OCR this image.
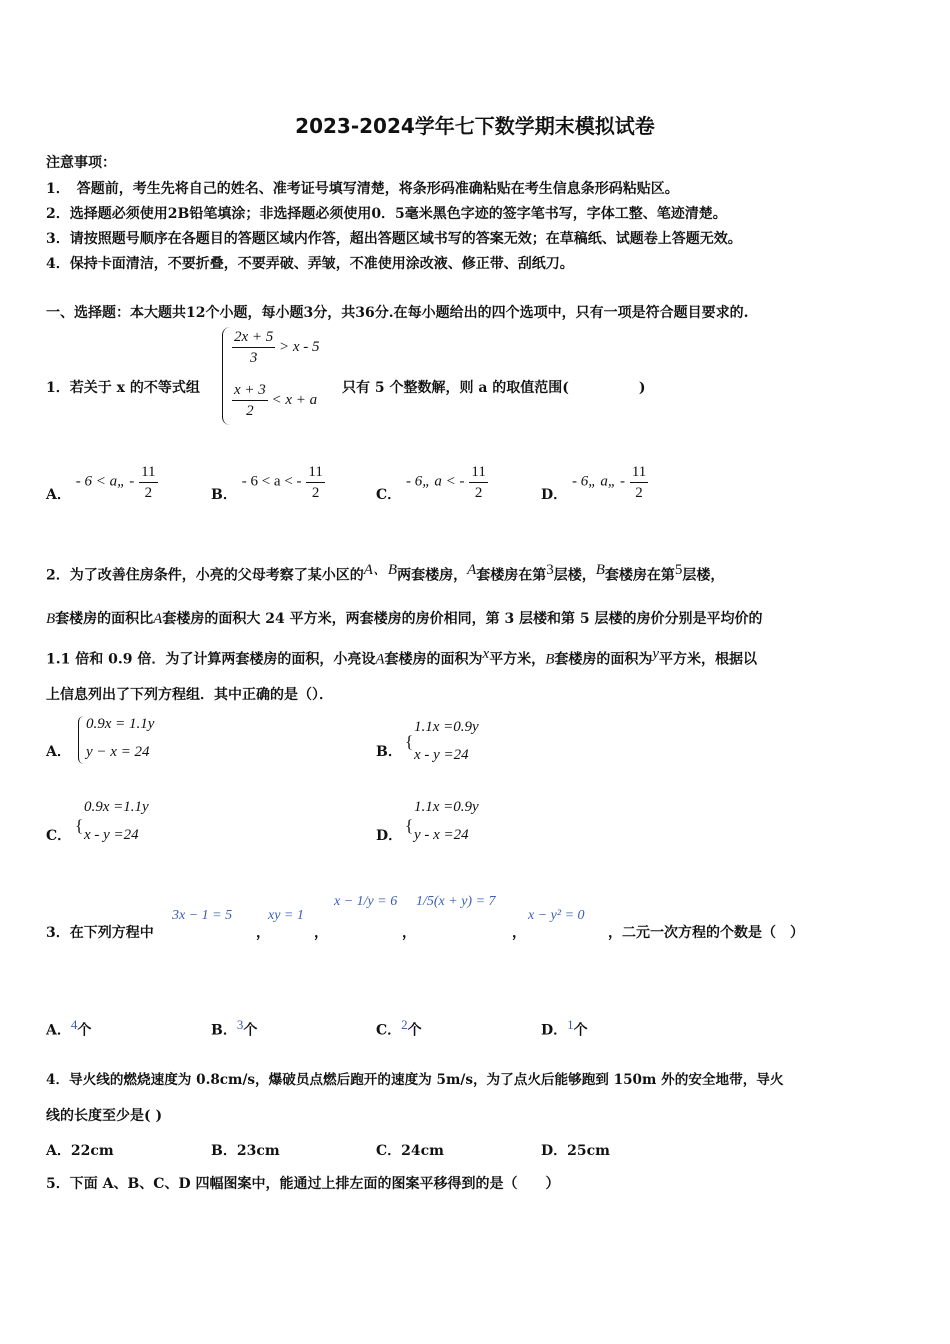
2023-2024学年七下数学期末模拟试卷
注意事项：
1．　答题前，考生先将自己的姓名、准考证号填写清楚，将条形码准确粘贴在考生信息条形码粘贴区。
2．选择题必须使用2B铅笔填涂；非选择题必须使用0．5毫米黑色字迹的签字笔书写，字体工整、笔迹清楚。
3．请按照题号顺序在各题目的答题区域内作答，超出答题区域书写的答案无效；在草稿纸、试题卷上答题无效。
4．保持卡面清洁，不要折叠，不要弄破、弄皱，不准使用涂改液、修正带、刮纸刀。
一、选择题：本大题共12个小题，每小题3分，共36分.在每小题给出的四个选项中，只有一项是符合题目要求的.
1．若关于 x 的不等式组
$\frac{2x + 5}{3} > x - 5$
$\frac{x + 3}{2} < x + a$
只有 5 个整数解，则 a 的取值范围(　　　　　)
A． - 6 < a„ - $\frac{11}{2}$	B． - 6 < a < - $\frac{11}{2}$	C． - 6„ a < - $\frac{11}{2}$	D． - 6„ a„ - $\frac{11}{2}$
2．为了改善住房条件，小亮的父母考察了某小区的$^{A、B}$两套楼房，$^A$套楼房在第$^3$层楼，$^B$套楼房在第$^5$层楼，
B套楼房的面积比A套楼房的面积大 24 平方米，两套楼房的房价相同，第 3 层楼和第 5 层楼的房价分别是平均价的
1.1 倍和 0.9 倍．为了计算两套楼房的面积，小亮设A套楼房的面积为$^x$平方米，B套楼房的面积为$^y$平方米，根据以
上信息列出了下列方程组．其中正确的是（）．
A．
0.9x = 1.1y
y − x = 24	B．
{
1.1x =0.9y
x - y =24
C．
{
0.9x =1.1y
x - y =24	D．
{
1.1x =0.9y
y - x =24
3．在下列方程中
3x − 1 = 5
，
xy = 1
，
x − 1/y = 6
，
1/5(x + y) = 7
，
x − y² = 0
，二元一次方程的个数是（　）
A．$^4$个	B．$^3$个	C．$^2$个	D．$^1$个
4．导火线的燃烧速度为 0.8cm/s，爆破员点燃后跑开的速度为 5m/s，为了点火后能够跑到 150m 外的安全地带，导火
线的长度至少是( )
A．22cm	B．23cm	C．24cm	D．25cm
5．下面 A、B、C、D 四幅图案中，能通过上排左面的图案平移得到的是（　　）
